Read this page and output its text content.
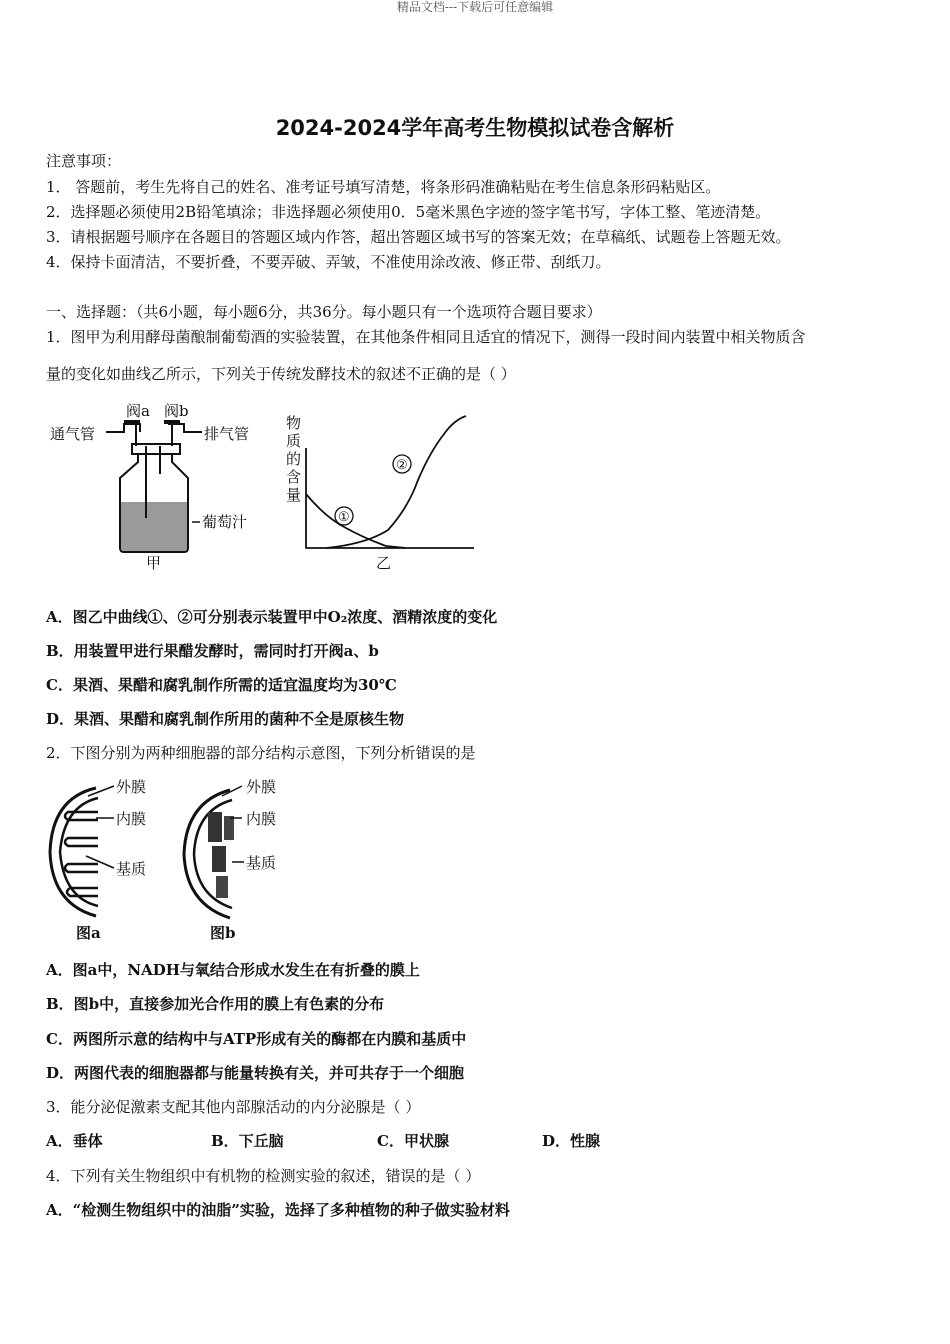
精品文档---下载后可任意编辑
2024-2024学年高考生物模拟试卷含解析
注意事项：
1． 答题前，考生先将自己的姓名、准考证号填写清楚，将条形码准确粘贴在考生信息条形码粘贴区。
2．选择题必须使用2B铅笔填涂；非选择题必须使用0．5毫米黑色字迹的签字笔书写，字体工整、笔迹清楚。
3．请根据题号顺序在各题目的答题区域内作答，超出答题区域书写的答案无效；在草稿纸、试题卷上答题无效。
4．保持卡面清洁，不要折叠，不要弄破、弄皱，不准使用涂改液、修正带、刮纸刀。
一、选择题：（共6小题，每小题6分，共36分。每小题只有一个选项符合题目要求）
1．图甲为利用酵母菌酿制葡萄酒的实验装置，在其他条件相同且适宜的情况下，测得一段时间内装置中相关物质含
量的变化如曲线乙所示，下列关于传统发酵技术的叙述不正确的是（ ）
阀a 阀b
通气管	排气管
葡萄汁
甲
物
质
的
含
量
①
②
乙
A．图乙中曲线①、②可分别表示装置甲中O₂浓度、酒精浓度的变化
B．用装置甲进行果醋发酵时，需同时打开阀a、b
C．果酒、果醋和腐乳制作所需的适宜温度均为30℃
D．果酒、果醋和腐乳制作所用的菌种不全是原核生物
2．下图分别为两种细胞器的部分结构示意图，下列分析错误的是
外膜
内膜
基质
图a
外膜
内膜
基质
图b
A．图a中，NADH与氧结合形成水发生在有折叠的膜上
B．图b中，直接参加光合作用的膜上有色素的分布
C．两图所示意的结构中与ATP形成有关的酶都在内膜和基质中
D．两图代表的细胞器都与能量转换有关，并可共存于一个细胞
3．能分泌促激素支配其他内部腺活动的内分泌腺是（ ）
A．垂体	B．下丘脑	C．甲状腺	D．性腺
4．下列有关生物组织中有机物的检测实验的叙述，错误的是（ ）
A．“检测生物组织中的油脂”实验，选择了多种植物的种子做实验材料
